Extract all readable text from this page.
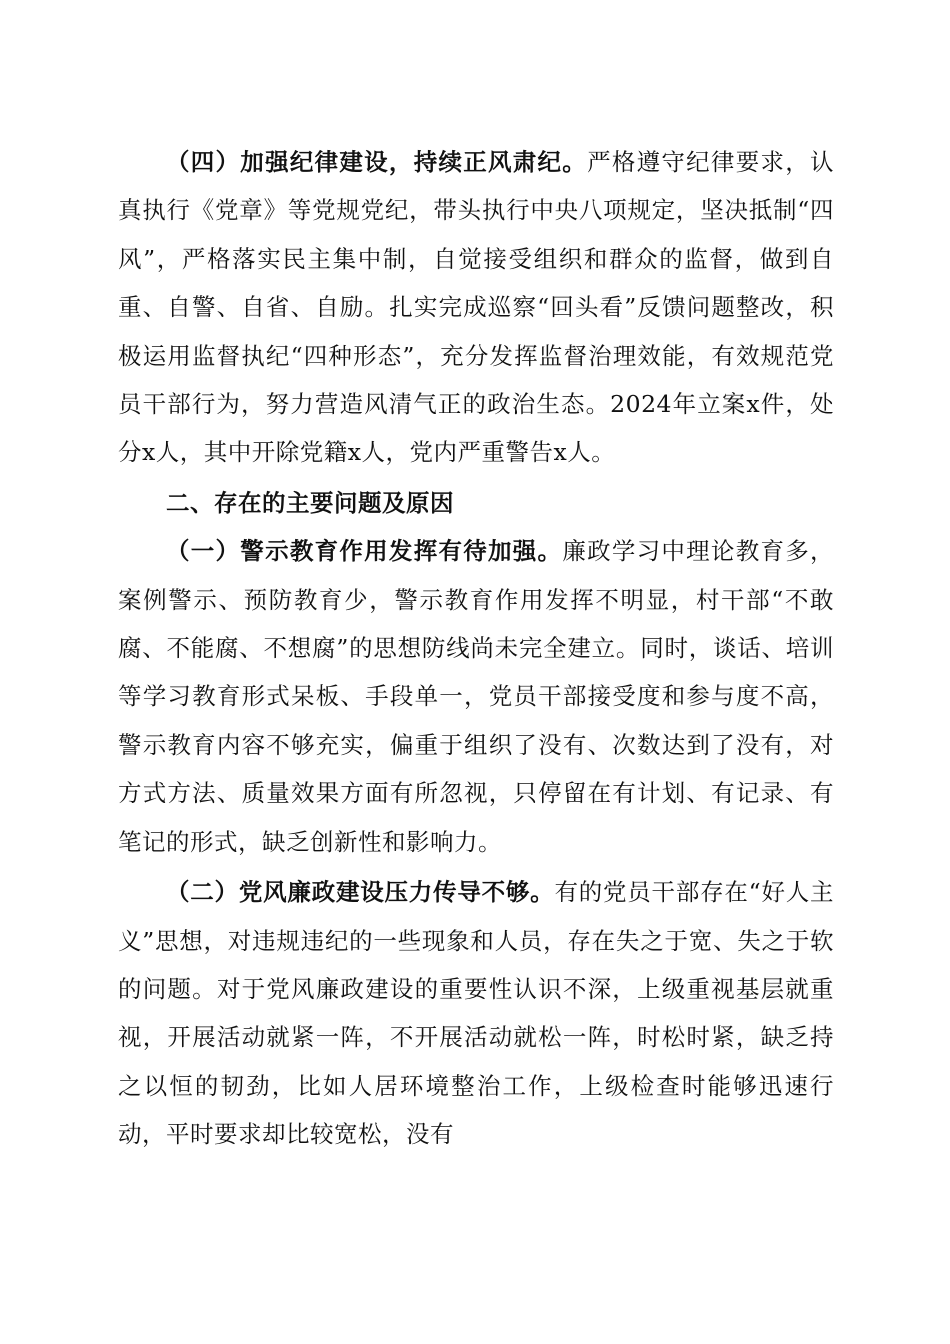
（四）加强纪律建设，持续正风肃纪。严格遵守纪律要求，认真执行《党章》等党规党纪，带头执行中央八项规定，坚决抵制“四风”，严格落实民主集中制，自觉接受组织和群众的监督，做到自重、自警、自省、自励。扎实完成巡察“回头看”反馈问题整改，积极运用监督执纪“四种形态”，充分发挥监督治理效能，有效规范党员干部行为，努力营造风清气正的政治生态。2024年立案x件，处分x人，其中开除党籍x人，党内严重警告x人。

二、存在的主要问题及原因

（一）警示教育作用发挥有待加强。廉政学习中理论教育多，案例警示、预防教育少，警示教育作用发挥不明显，村干部“不敢腐、不能腐、不想腐”的思想防线尚未完全建立。同时，谈话、培训等学习教育形式呆板、手段单一，党员干部接受度和参与度不高，警示教育内容不够充实，偏重于组织了没有、次数达到了没有，对方式方法、质量效果方面有所忽视，只停留在有计划、有记录、有笔记的形式，缺乏创新性和影响力。

（二）党风廉政建设压力传导不够。有的党员干部存在“好人主义”思想，对违规违纪的一些现象和人员，存在失之于宽、失之于软的问题。对于党风廉政建设的重要性认识不深，上级重视基层就重视，开展活动就紧一阵，不开展活动就松一阵，时松时紧，缺乏持之以恒的韧劲，比如人居环境整治工作，上级检查时能够迅速行动，平时要求却比较宽松，没有
